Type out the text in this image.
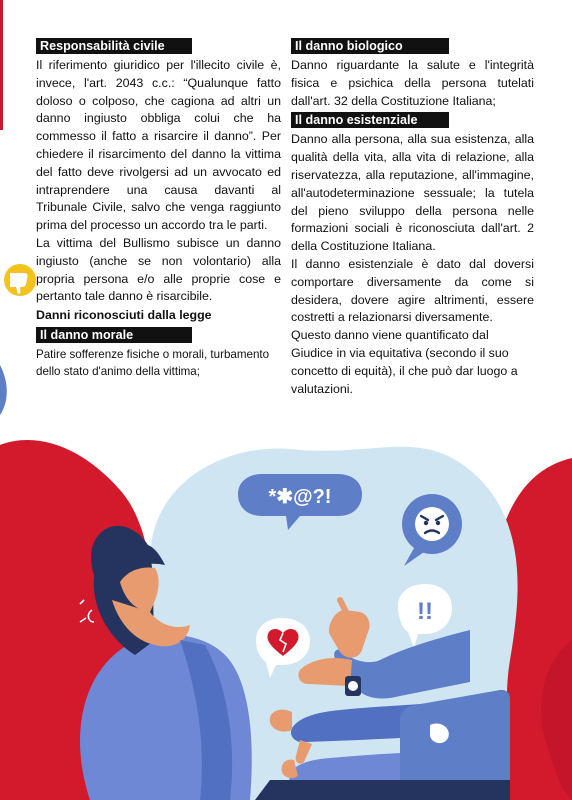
*✱@?!
!!
Responsabilità civile

Il riferimento giuridico per l'illecito civile è, invece, l'art. 2043 c.c.: “Qualunque fatto doloso o colposo, che cagiona ad altri un danno ingiusto obbliga colui che ha commesso il fatto a risarcire il danno”. Per chiedere il risarcimento del danno la vittima del fatto deve rivolgersi ad un avvocato ed intraprendere una causa davanti al Tribunale Civile, salvo che venga raggiunto prima del processo un accordo tra le parti.

La vittima del Bullismo subisce un danno ingiusto (anche se non volontario) alla propria persona e/o alle proprie cose e pertanto tale danno è risarcibile.

Danni riconosciuti dalla legge
Il danno morale

Patire sofferenze fisiche o morali, turbamento dello stato d'animo della vittima;

Il danno biologico

Danno riguardante la salute e l'integrità fisica e psichica della persona tutelati dall'art. 32 della Costituzione Italiana;

Il danno esistenziale

Danno alla persona, alla sua esistenza, alla qualità della vita, alla vita di relazione, alla riservatezza, alla reputazione, all'immagine, all'autodeterminazione sessuale; la tutela del pieno sviluppo della persona nelle formazioni sociali è riconosciuta dall'art. 2 della Costituzione Italiana.

Il danno esistenziale è dato dal doversi comportare diversamente da come si desidera, dovere agire altrimenti, essere costretti a relazionarsi diversamente.

Questo danno viene quantificato dal Giudice in via equitativa (secondo il suo concetto di equità), il che può dar luogo a valutazioni.
